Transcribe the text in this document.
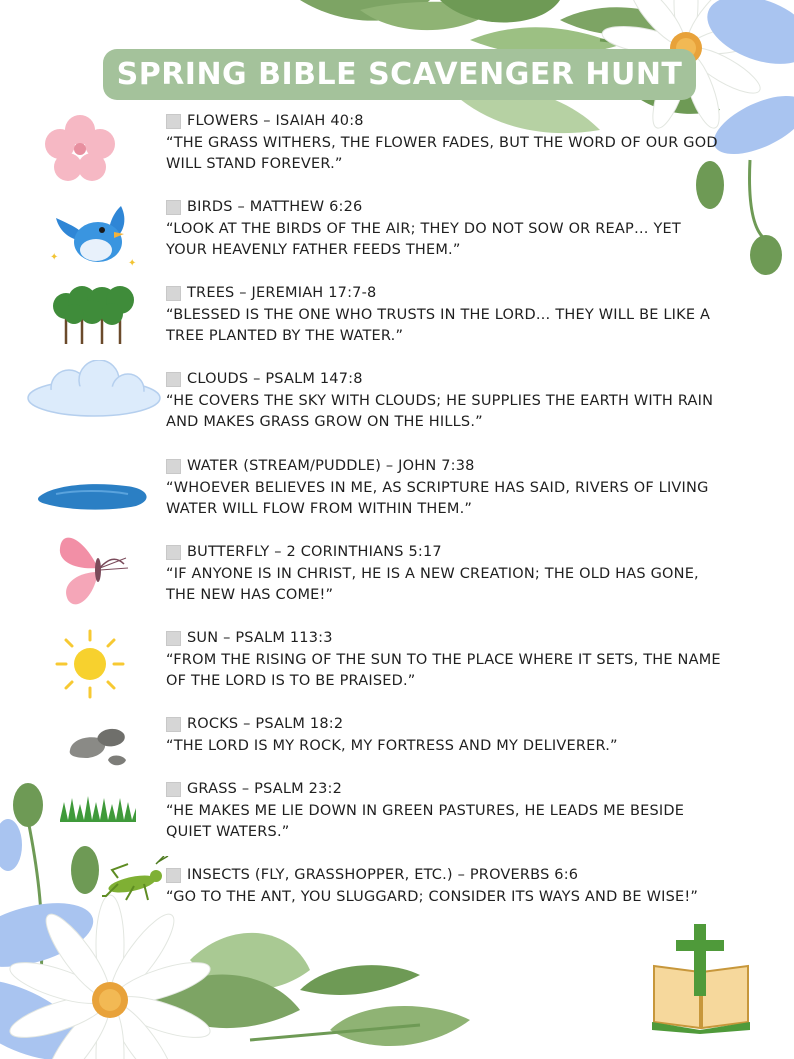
SPRING BIBLE SCAVENGER HUNT
✦
✦
FLOWERS – ISAIAH 40:8
“THE GRASS WITHERS, THE FLOWER FADES, BUT THE WORD OF OUR GOD WILL STAND FOREVER.”
BIRDS – MATTHEW 6:26
“LOOK AT THE BIRDS OF THE AIR; THEY DO NOT SOW OR REAP… YET YOUR HEAVENLY FATHER FEEDS THEM.”
TREES – JEREMIAH 17:7-8
“BLESSED IS THE ONE WHO TRUSTS IN THE LORD… THEY WILL BE LIKE A TREE PLANTED BY THE WATER.”
CLOUDS – PSALM 147:8
“HE COVERS THE SKY WITH CLOUDS; HE SUPPLIES THE EARTH WITH RAIN AND MAKES GRASS GROW ON THE HILLS.”
WATER (STREAM/PUDDLE) – JOHN 7:38
“WHOEVER BELIEVES IN ME, AS SCRIPTURE HAS SAID, RIVERS OF LIVING WATER WILL FLOW FROM WITHIN THEM.”
BUTTERFLY – 2 CORINTHIANS 5:17
“IF ANYONE IS IN CHRIST, HE IS A NEW CREATION; THE OLD HAS GONE, THE NEW HAS COME!”
SUN – PSALM 113:3
“FROM THE RISING OF THE SUN TO THE PLACE WHERE IT SETS, THE NAME OF THE LORD IS TO BE PRAISED.”
ROCKS – PSALM 18:2
“THE LORD IS MY ROCK, MY FORTRESS AND MY DELIVERER.”
GRASS – PSALM 23:2
“HE MAKES ME LIE DOWN IN GREEN PASTURES, HE LEADS ME BESIDE QUIET WATERS.”
INSECTS (FLY, GRASSHOPPER, ETC.) – PROVERBS 6:6
“GO TO THE ANT, YOU SLUGGARD; CONSIDER ITS WAYS AND BE WISE!”
